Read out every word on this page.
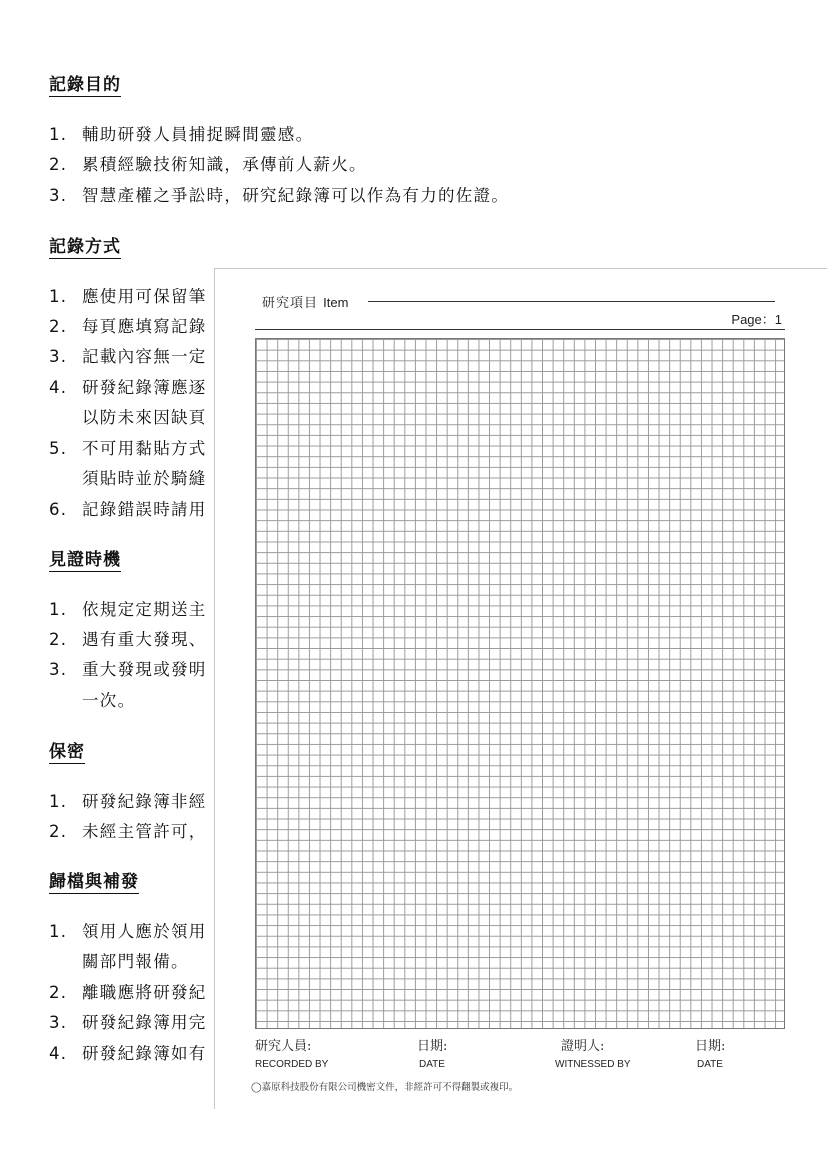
記錄目的

1. 輔助研發人員捕捉瞬間靈感。

2. 累積經驗技術知識，承傳前人薪火。

3. 智慧產權之爭訟時，研究紀錄簿可以作為有力的佐證。

記錄方式

1. 應使用可保留筆

2. 每頁應填寫記錄

3. 記載內容無一定

4. 研發紀錄簿應逐

以防未來因缺頁

5. 不可用黏貼方式

須貼時並於騎縫

6. 記錄錯誤時請用

見證時機

1. 依規定定期送主

2. 遇有重大發現、

3. 重大發現或發明

一次。

保密

1. 研發紀錄簿非經

2. 未經主管許可，

歸檔與補發

1. 領用人應於領用

關部門報備。

2. 離職應將研發紀

3. 研發紀錄簿用完

4. 研發紀錄簿如有

研究項目 Item
Page：1
研究人員:
RECORDED BY
日期:
DATE
證明人:
WITNESSED BY
日期:
DATE
◯嘉原科技股份有限公司機密文件，非經許可不得翻製或複印。
